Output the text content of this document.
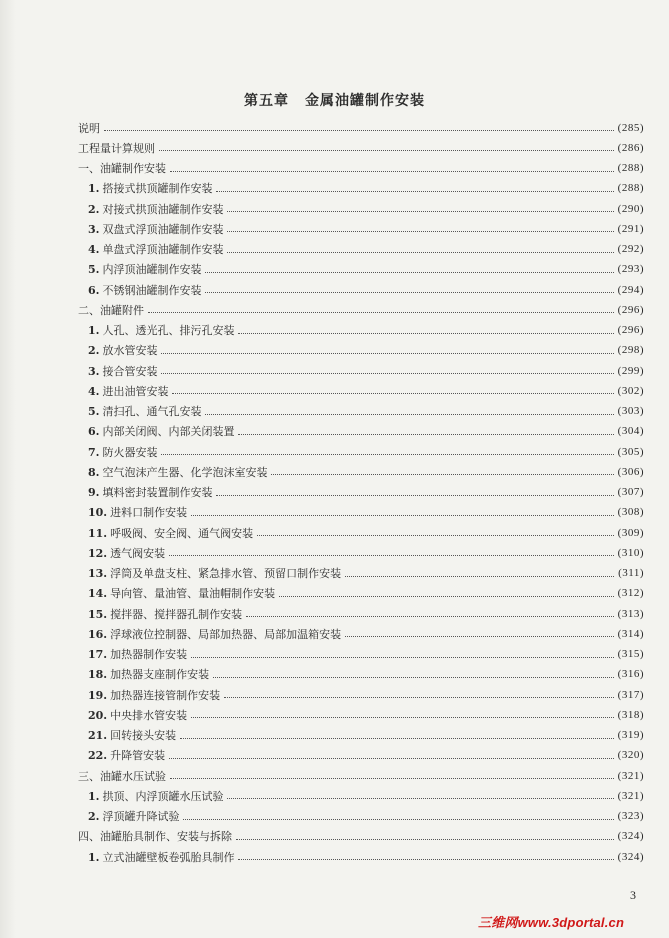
第五章 金属油罐制作安装
说明	(285)
工程量计算规则	(286)
一、油罐制作安装	(288)
1. 搭接式拱顶罐制作安装	(288)
2. 对接式拱顶油罐制作安装	(290)
3. 双盘式浮顶油罐制作安装	(291)
4. 单盘式浮顶油罐制作安装	(292)
5. 内浮顶油罐制作安装	(293)
6. 不锈钢油罐制作安装	(294)
二、油罐附件	(296)
1. 人孔、透光孔、排污孔安装	(296)
2. 放水管安装	(298)
3. 接合管安装	(299)
4. 进出油管安装	(302)
5. 清扫孔、通气孔安装	(303)
6. 内部关闭阀、内部关闭装置	(304)
7. 防火器安装	(305)
8. 空气泡沫产生器、化学泡沫室安装	(306)
9. 填料密封装置制作安装	(307)
10. 进料口制作安装	(308)
11. 呼吸阀、安全阀、通气阀安装	(309)
12. 透气阀安装	(310)
13. 浮筒及单盘支柱、紧急排水管、预留口制作安装	(311)
14. 导向管、量油管、量油帽制作安装	(312)
15. 搅拌器、搅拌器孔制作安装	(313)
16. 浮球液位控制器、局部加热器、局部加温箱安装	(314)
17. 加热器制作安装	(315)
18. 加热器支座制作安装	(316)
19. 加热器连接管制作安装	(317)
20. 中央排水管安装	(318)
21. 回转接头安装	(319)
22. 升降管安装	(320)
三、油罐水压试验	(321)
1. 拱顶、内浮顶罐水压试验	(321)
2. 浮顶罐升降试验	(323)
四、油罐胎具制作、安装与拆除	(324)
1. 立式油罐壁板卷弧胎具制作	(324)
3
三维网www.3dportal.cn
